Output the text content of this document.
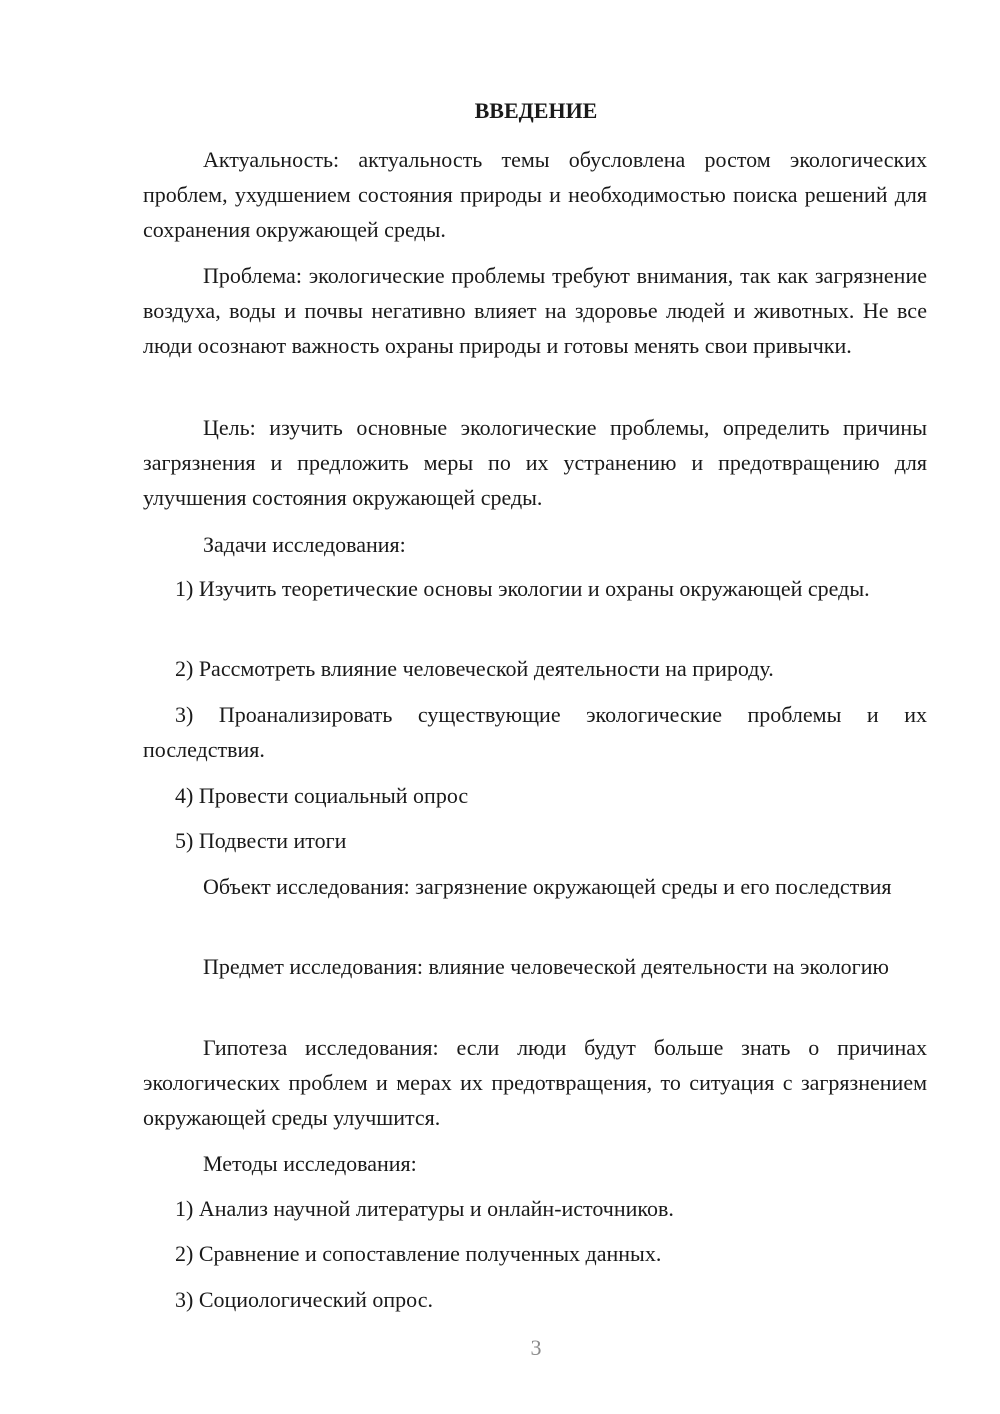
ВВЕДЕНИЕ

Актуальность: актуальность темы обусловлена ростом экологических проблем, ухудшением состояния природы и необходимостью поиска решений для сохранения окружающей среды.

Проблема: экологические проблемы требуют внимания, так как загрязнение воздуха, воды и почвы негативно влияет на здоровье людей и животных. Не все люди осознают важность охраны природы и готовы менять свои привычки.

Цель: изучить основные экологические проблемы, определить причины загрязнения и предложить меры по их устранению и предотвращению для улучшения состояния окружающей среды.

Задачи исследования:

1) Изучить теоретические основы экологии и охраны окружающей среды.

2) Рассмотреть влияние человеческой деятельности на природу.

3) Проанализировать существующие экологические проблемы и их последствия.

4) Провести социальный опрос

5) Подвести итоги

Объект исследования: загрязнение окружающей среды и его последствия

Предмет исследования: влияние человеческой деятельности на экологию

Гипотеза исследования: если люди будут больше знать о причинах экологических проблем и мерах их предотвращения, то ситуация с загрязнением окружающей среды улучшится.

Методы исследования:

1) Анализ научной литературы и онлайн-источников.

2) Сравнение и сопоставление полученных данных.

3) Социологический опрос.

3
